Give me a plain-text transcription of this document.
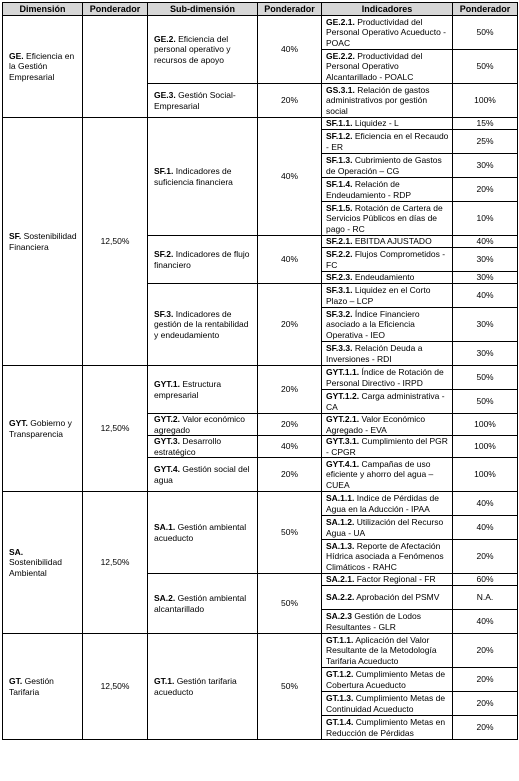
Dimensión	Ponderador	Sub-dimensión	Ponderador	Indicadores	Ponderador
GE. Eficiencia en la Gestión Empresarial		GE.2. Eficiencia del personal operativo y recursos de apoyo	40%	GE.2.1. Productividad del Personal Operativo Acueducto - POAC	50%
				GE.2.2. Productividad del Personal Operativo Alcantarillado - POALC	50%
		GE.3. Gestión Social-Empresarial	20%	GS.3.1. Relación de gastos administrativos por gestión social	100%
SF. Sostenibilidad Financiera	12,50%	SF.1. Indicadores de suficiencia financiera	40%	SF.1.1. Liquidez - L	15%
				SF.1.2. Eficiencia en el Recaudo - ER	25%
				SF.1.3. Cubrimiento de Gastos de Operación – CG	30%
				SF.1.4. Relación de Endeudamiento - RDP	20%
				SF.1.5. Rotación de Cartera de Servicios Públicos en días de pago - RC	10%
		SF.2. Indicadores de flujo financiero	40%	SF.2.1. EBITDA AJUSTADO	40%
				SF.2.2. Flujos Comprometidos - FC	30%
				SF.2.3. Endeudamiento	30%
		SF.3. Indicadores de gestión de la rentabilidad y endeudamiento	20%	SF.3.1. Liquidez en el Corto Plazo – LCP	40%
				SF.3.2. Índice Financiero asociado a la Eficiencia Operativa - IEO	30%
				SF.3.3. Relación Deuda a Inversiones - RDI	30%
GYT. Gobierno y Transparencia	12,50%	GYT.1. Estructura empresarial	20%	GYT.1.1. Índice de Rotación de Personal Directivo - IRPD	50%
				GYT.1.2. Carga administrativa - CA	50%
		GYT.2. Valor económico agregado	20%	GYT.2.1. Valor Económico Agregado - EVA	100%
		GYT.3. Desarrollo estratégico	40%	GYT.3.1. Cumplimiento del PGR - CPGR	100%
		GYT.4. Gestión social del agua	20%	GYT.4.1. Campañas de uso eficiente y ahorro del agua – CUEA	100%
SA. Sostenibilidad Ambiental	12,50%	SA.1. Gestión ambiental acueducto	50%	SA.1.1. Indice de Pérdidas de Agua en la Aducción - IPAA	40%
				SA.1.2. Utilización del Recurso Agua - UA	40%
				SA.1.3. Reporte de Afectación Hídrica asociada a Fenómenos Climáticos - RAHC	20%
		SA.2. Gestión ambiental alcantarillado	50%	SA.2.1. Factor Regional - FR	60%
				SA.2.2. Aprobación del PSMV	N.A.
				SA.2.3 Gestión de Lodos Resultantes - GLR	40%
GT. Gestión Tarifaria	12,50%	GT.1. Gestión tarifaria acueducto	50%	GT.1.1. Aplicación del Valor Resultante de la Metodología Tarifaria Acueducto	20%
				GT.1.2. Cumplimiento Metas de Cobertura Acueducto	20%
				GT.1.3. Cumplimiento Metas de Continuidad Acueducto	20%
				GT.1.4. Cumplimiento Metas en Reducción de Pérdidas	20%
